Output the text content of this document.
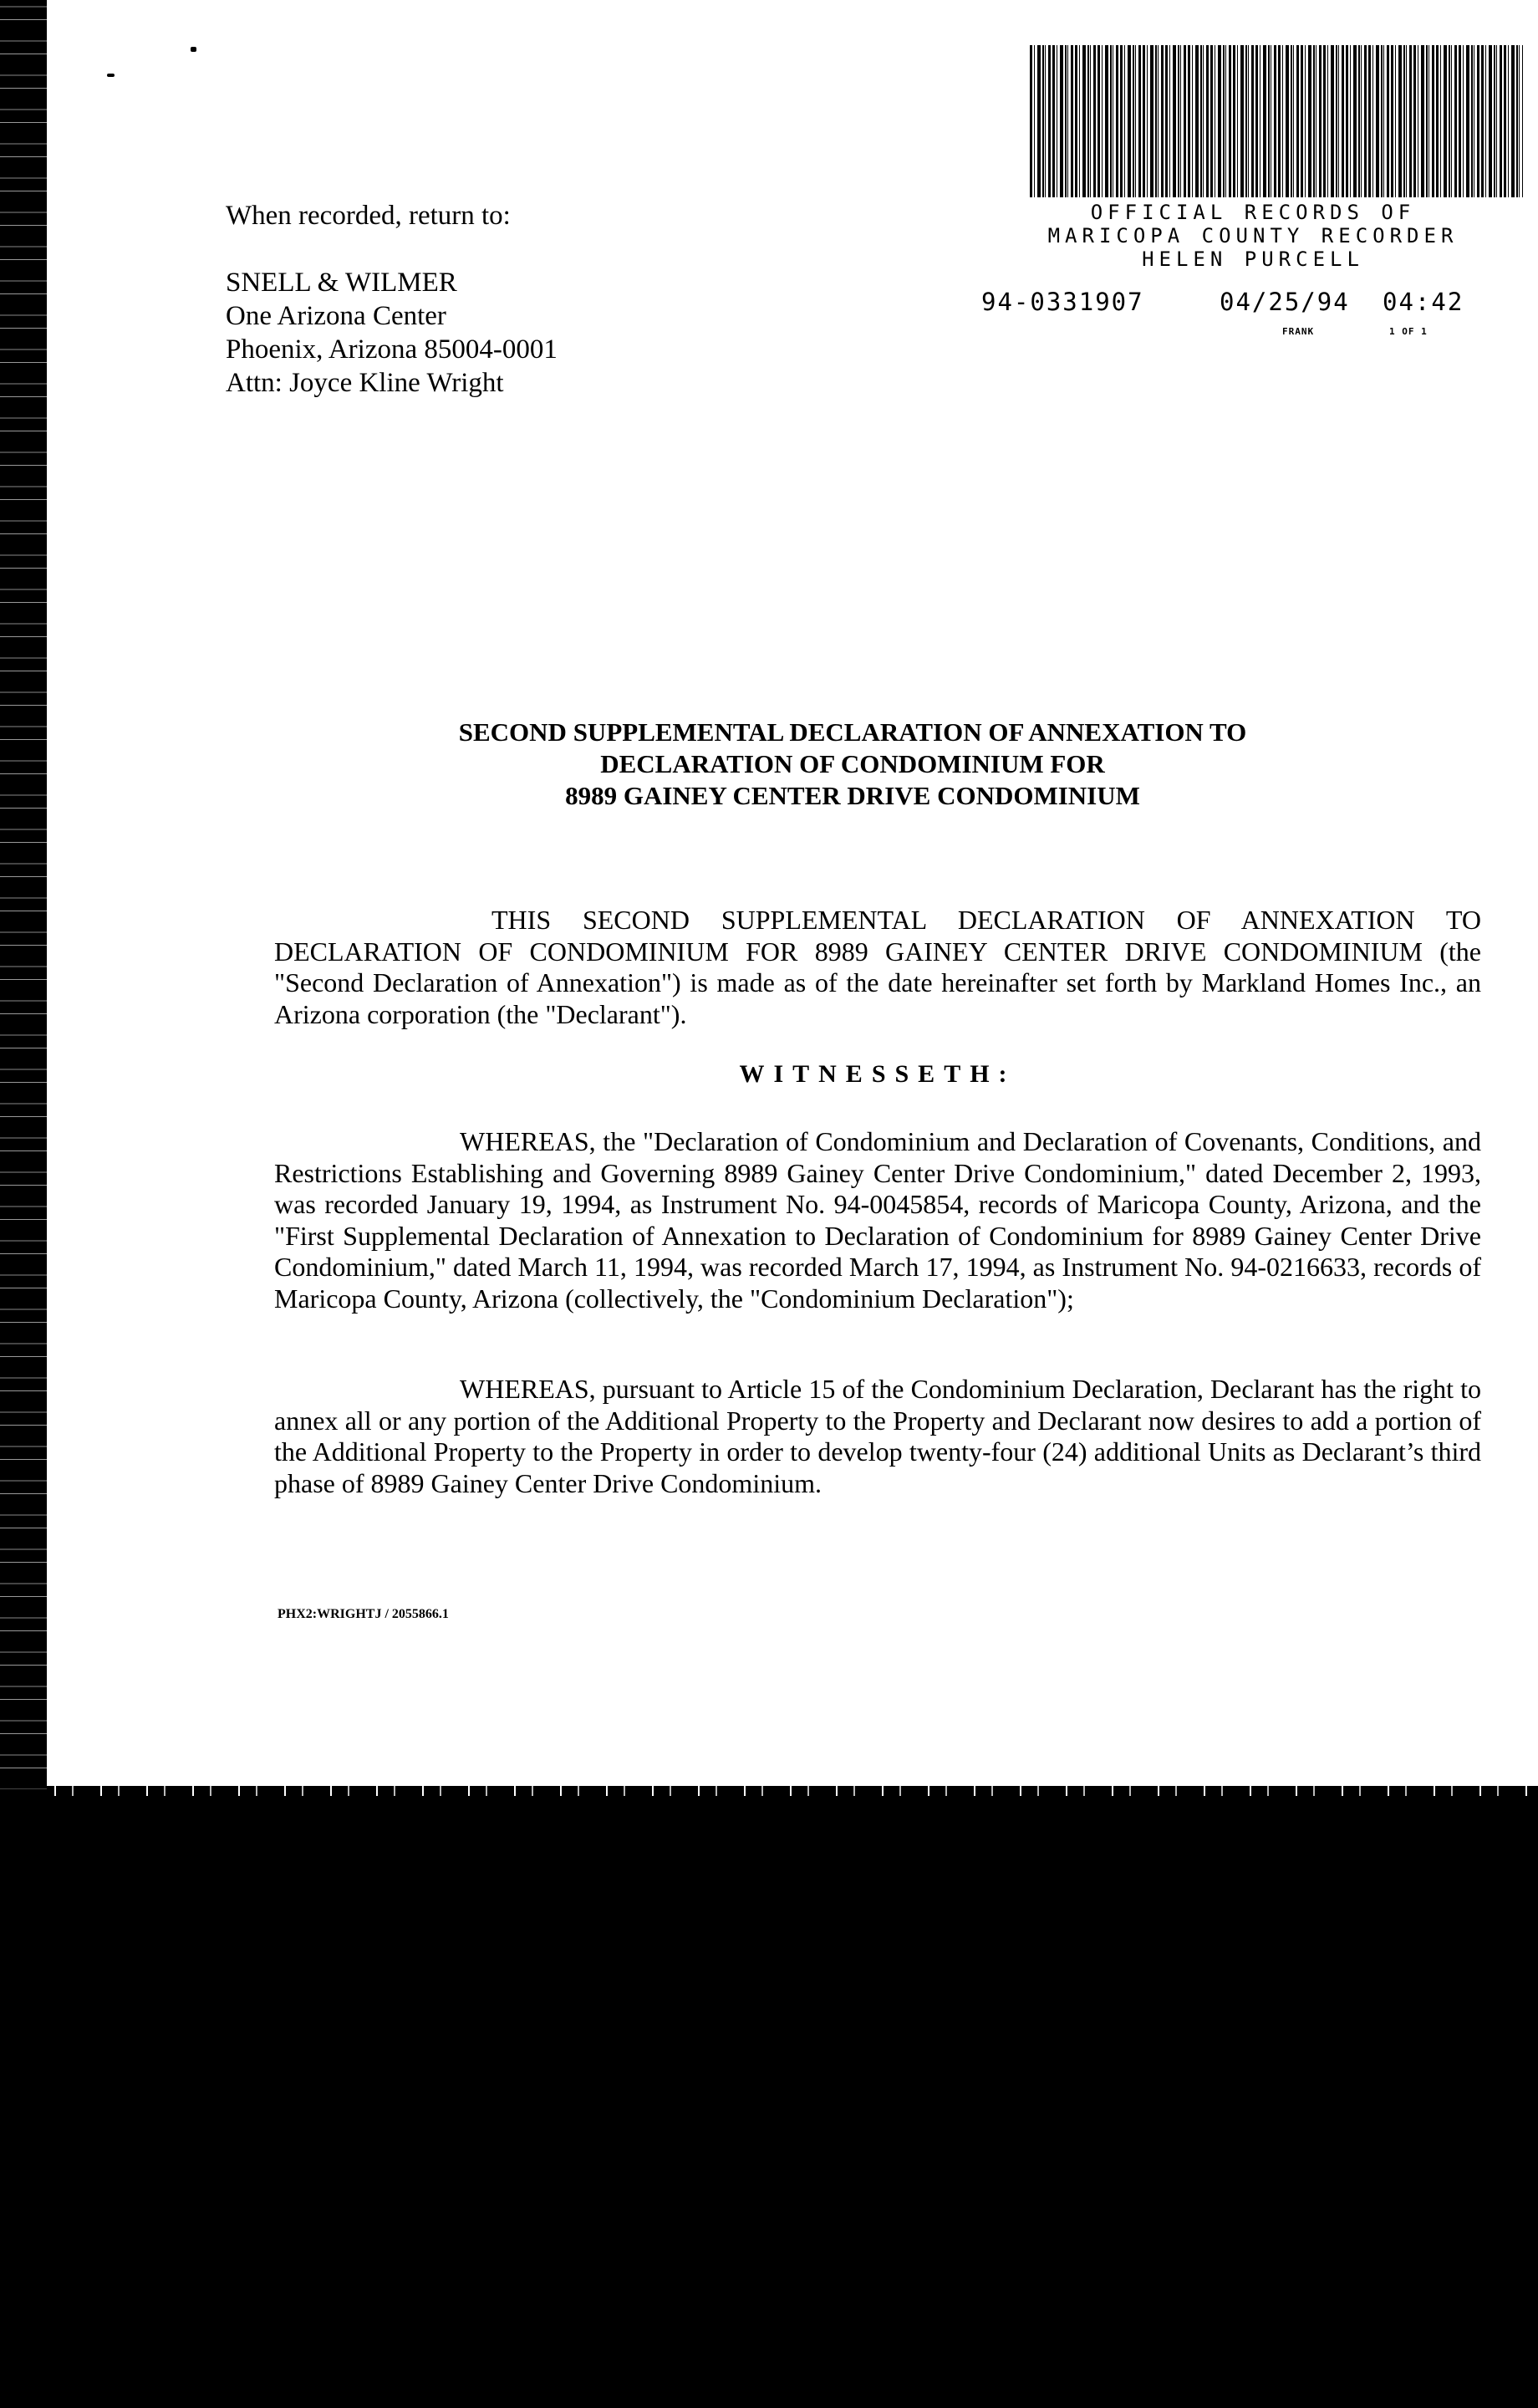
When recorded, return to:
SNELL & WILMER
One Arizona Center
Phoenix, Arizona 85004-0001
Attn: Joyce Kline Wright
OFFICIAL RECORDS OF
MARICOPA COUNTY RECORDER
HELEN PURCELL
94-0331907	04/25/94 04:42
FRANK	1 OF 1
SECOND SUPPLEMENTAL DECLARATION OF ANNEXATION TO
DECLARATION OF CONDOMINIUM FOR
8989 GAINEY CENTER DRIVE CONDOMINIUM

THIS SECOND SUPPLEMENTAL DECLARATION OF ANNEXATION TO DECLARATION OF CONDOMINIUM FOR 8989 GAINEY CENTER DRIVE CONDOMINIUM (the "Second Declaration of Annexation") is made as of the date hereinafter set forth by Markland Homes Inc., an Arizona corporation (the "Declarant").

WITNESSETH:

WHEREAS, the "Declaration of Condominium and Declaration of Covenants, Conditions, and Restrictions Establishing and Governing 8989 Gainey Center Drive Condominium," dated December 2, 1993, was recorded January 19, 1994, as Instrument No. 94-0045854, records of Maricopa County, Arizona, and the "First Supplemental Declaration of Annexation to Declaration of Condominium for 8989 Gainey Center Drive Condominium," dated March 11, 1994, was recorded March 17, 1994, as Instrument No. 94-0216633, records of Maricopa County, Arizona (collectively, the "Condominium Declaration");

WHEREAS, pursuant to Article 15 of the Condominium Declaration, Declarant has the right to annex all or any portion of the Additional Property to the Property and Declarant now desires to add a portion of the Additional Property to the Property in order to develop twenty-four (24) additional Units as Declarant’s third phase of 8989 Gainey Center Drive Condominium.

PHX2:WRIGHTJ / 2055866.1
